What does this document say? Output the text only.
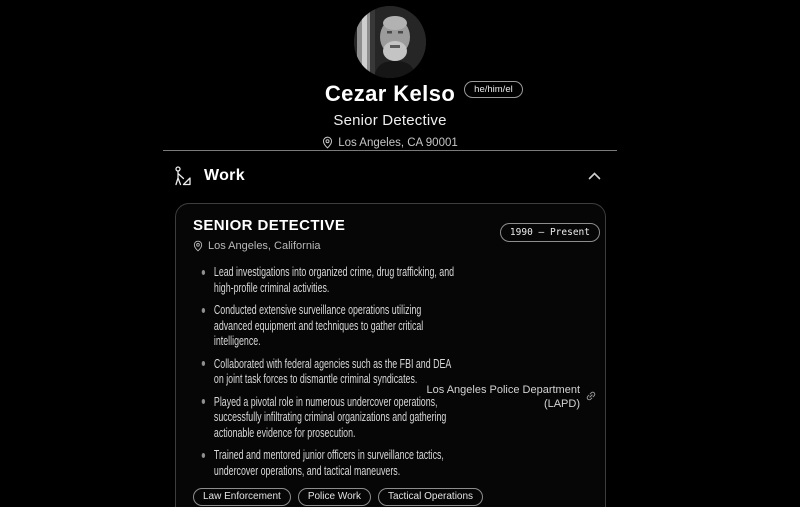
Cezar Kelso	he/him/el
Senior Detective
Los Angeles, CA 90001
Work
SENIOR DETECTIVE
Los Angeles, California
1990 – Present
Lead investigations into organized crime, drug trafficking, and high-profile criminal activities.
Conducted extensive surveillance operations utilizing advanced equipment and techniques to gather critical intelligence.
Collaborated with federal agencies such as the FBI and DEA on joint task forces to dismantle criminal syndicates.
Played a pivotal role in numerous undercover operations, successfully infiltrating criminal organizations and gathering actionable evidence for prosecution.
Trained and mentored junior officers in surveillance tactics, undercover operations, and tactical maneuvers.
Los Angeles Police Department (LAPD)
Law Enforcement	Police Work	Tactical Operations
